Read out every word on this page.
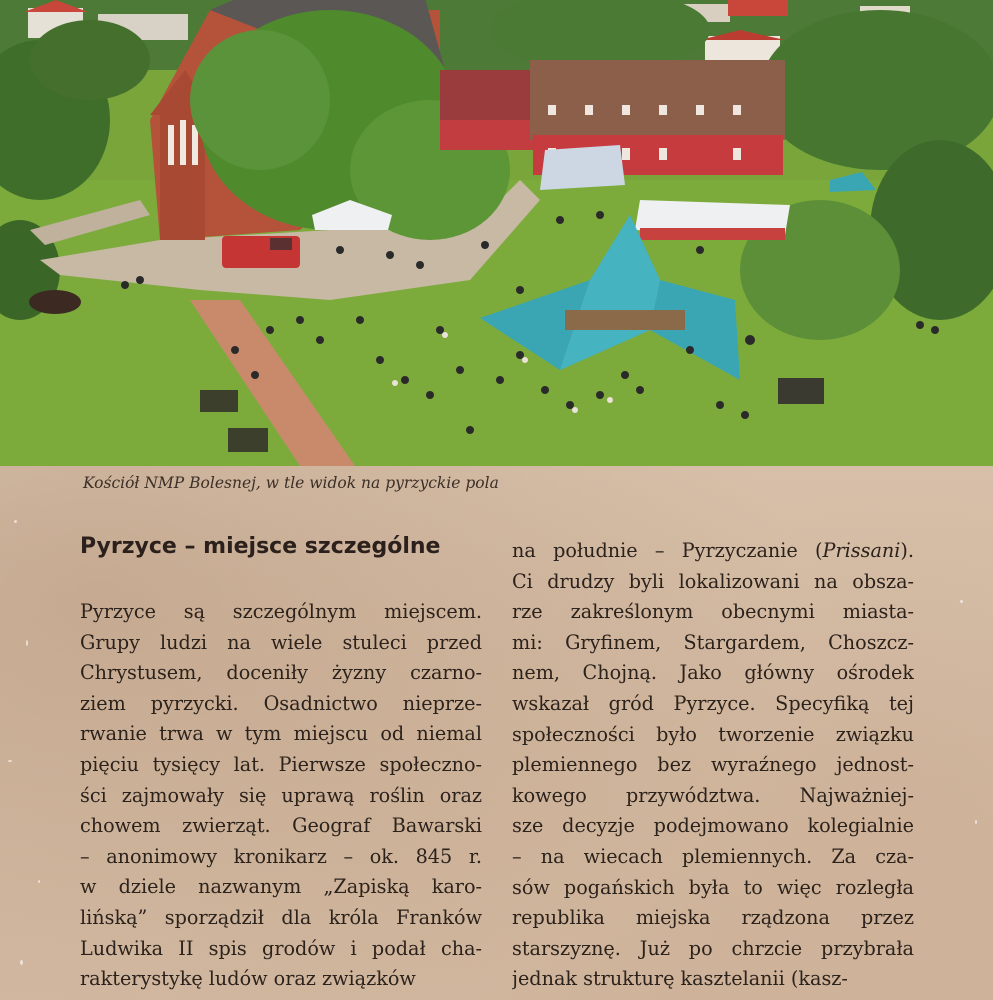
Kościół NMP Bolesnej, w tle widok na pyrzyckie pola
Pyrzyce – miejsce szczególne
Pyrzyce są szczególnym miejscem.
Grupy ludzi na wiele stuleci przed
Chrystusem, doceniły żyzny czarno-
ziem pyrzycki. Osadnictwo nieprze-
rwanie trwa w tym miejscu od niemal
pięciu tysięcy lat. Pierwsze społeczno-
ści zajmowały się uprawą roślin oraz
chowem zwierząt. Geograf Bawarski
– anonimowy kronikarz – ok. 845 r.
w dziele nazwanym „Zapiską karo-
lińską” sporządził dla króla Franków
Ludwika II spis grodów i podał cha-
rakterystykę ludów oraz związków
na południe – Pyrzyczanie (Prissani).
Ci drudzy byli lokalizowani na obsza-
rze zakreślonym obecnymi miasta-
mi: Gryfinem, Stargardem, Choszcz-
nem, Chojną. Jako główny ośrodek
wskazał gród Pyrzyce. Specyfiką tej
społeczności było tworzenie związku
plemiennego bez wyraźnego jednost-
kowego przywództwa. Najważniej-
sze decyzje podejmowano kolegialnie
– na wiecach plemiennych. Za cza-
sów pogańskich była to więc rozległa
republika miejska rządzona przez
starszyznę. Już po chrzcie przybrała
jednak strukturę kasztelanii (kasz-
